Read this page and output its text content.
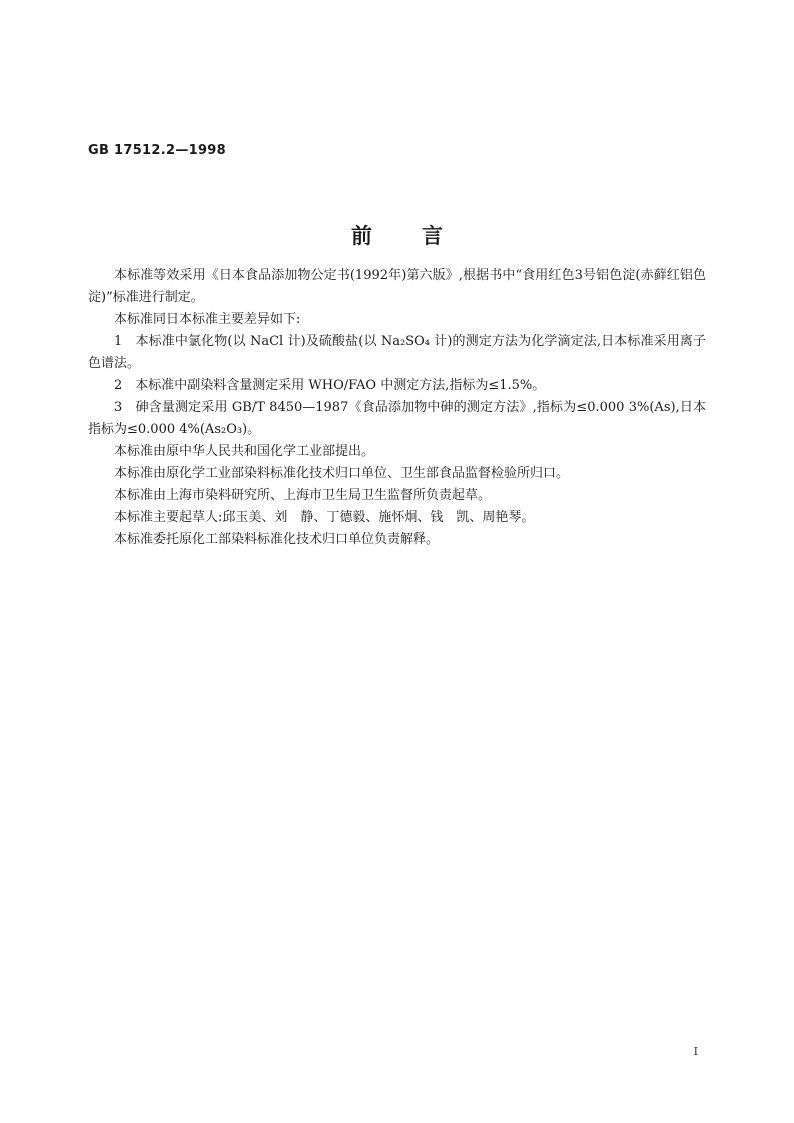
GB 17512.2—1998
前言

本标准等效采用《日本食品添加物公定书(1992年)第六版》,根据书中“食用红色3号铝色淀(赤藓红铝色淀)”标准进行制定。

本标准同日本标准主要差异如下:

1　本标准中氯化物(以 NaCl 计)及硫酸盐(以 Na₂SO₄ 计)的测定方法为化学滴定法,日本标准采用离子色谱法。

2　本标准中副染料含量测定采用 WHO/FAO 中测定方法,指标为≤1.5%。

3　砷含量测定采用 GB/T 8450—1987《食品添加物中砷的测定方法》,指标为≤0.000 3%(As),日本指标为≤0.000 4%(As₂O₃)。

本标准由原中华人民共和国化学工业部提出。

本标准由原化学工业部染料标准化技术归口单位、卫生部食品监督检验所归口。

本标准由上海市染料研究所、上海市卫生局卫生监督所负责起草。

本标准主要起草人:邱玉美、刘　静、丁德毅、施怀炯、钱　凯、周艳琴。

本标准委托原化工部染料标准化技术归口单位负责解释。

I
